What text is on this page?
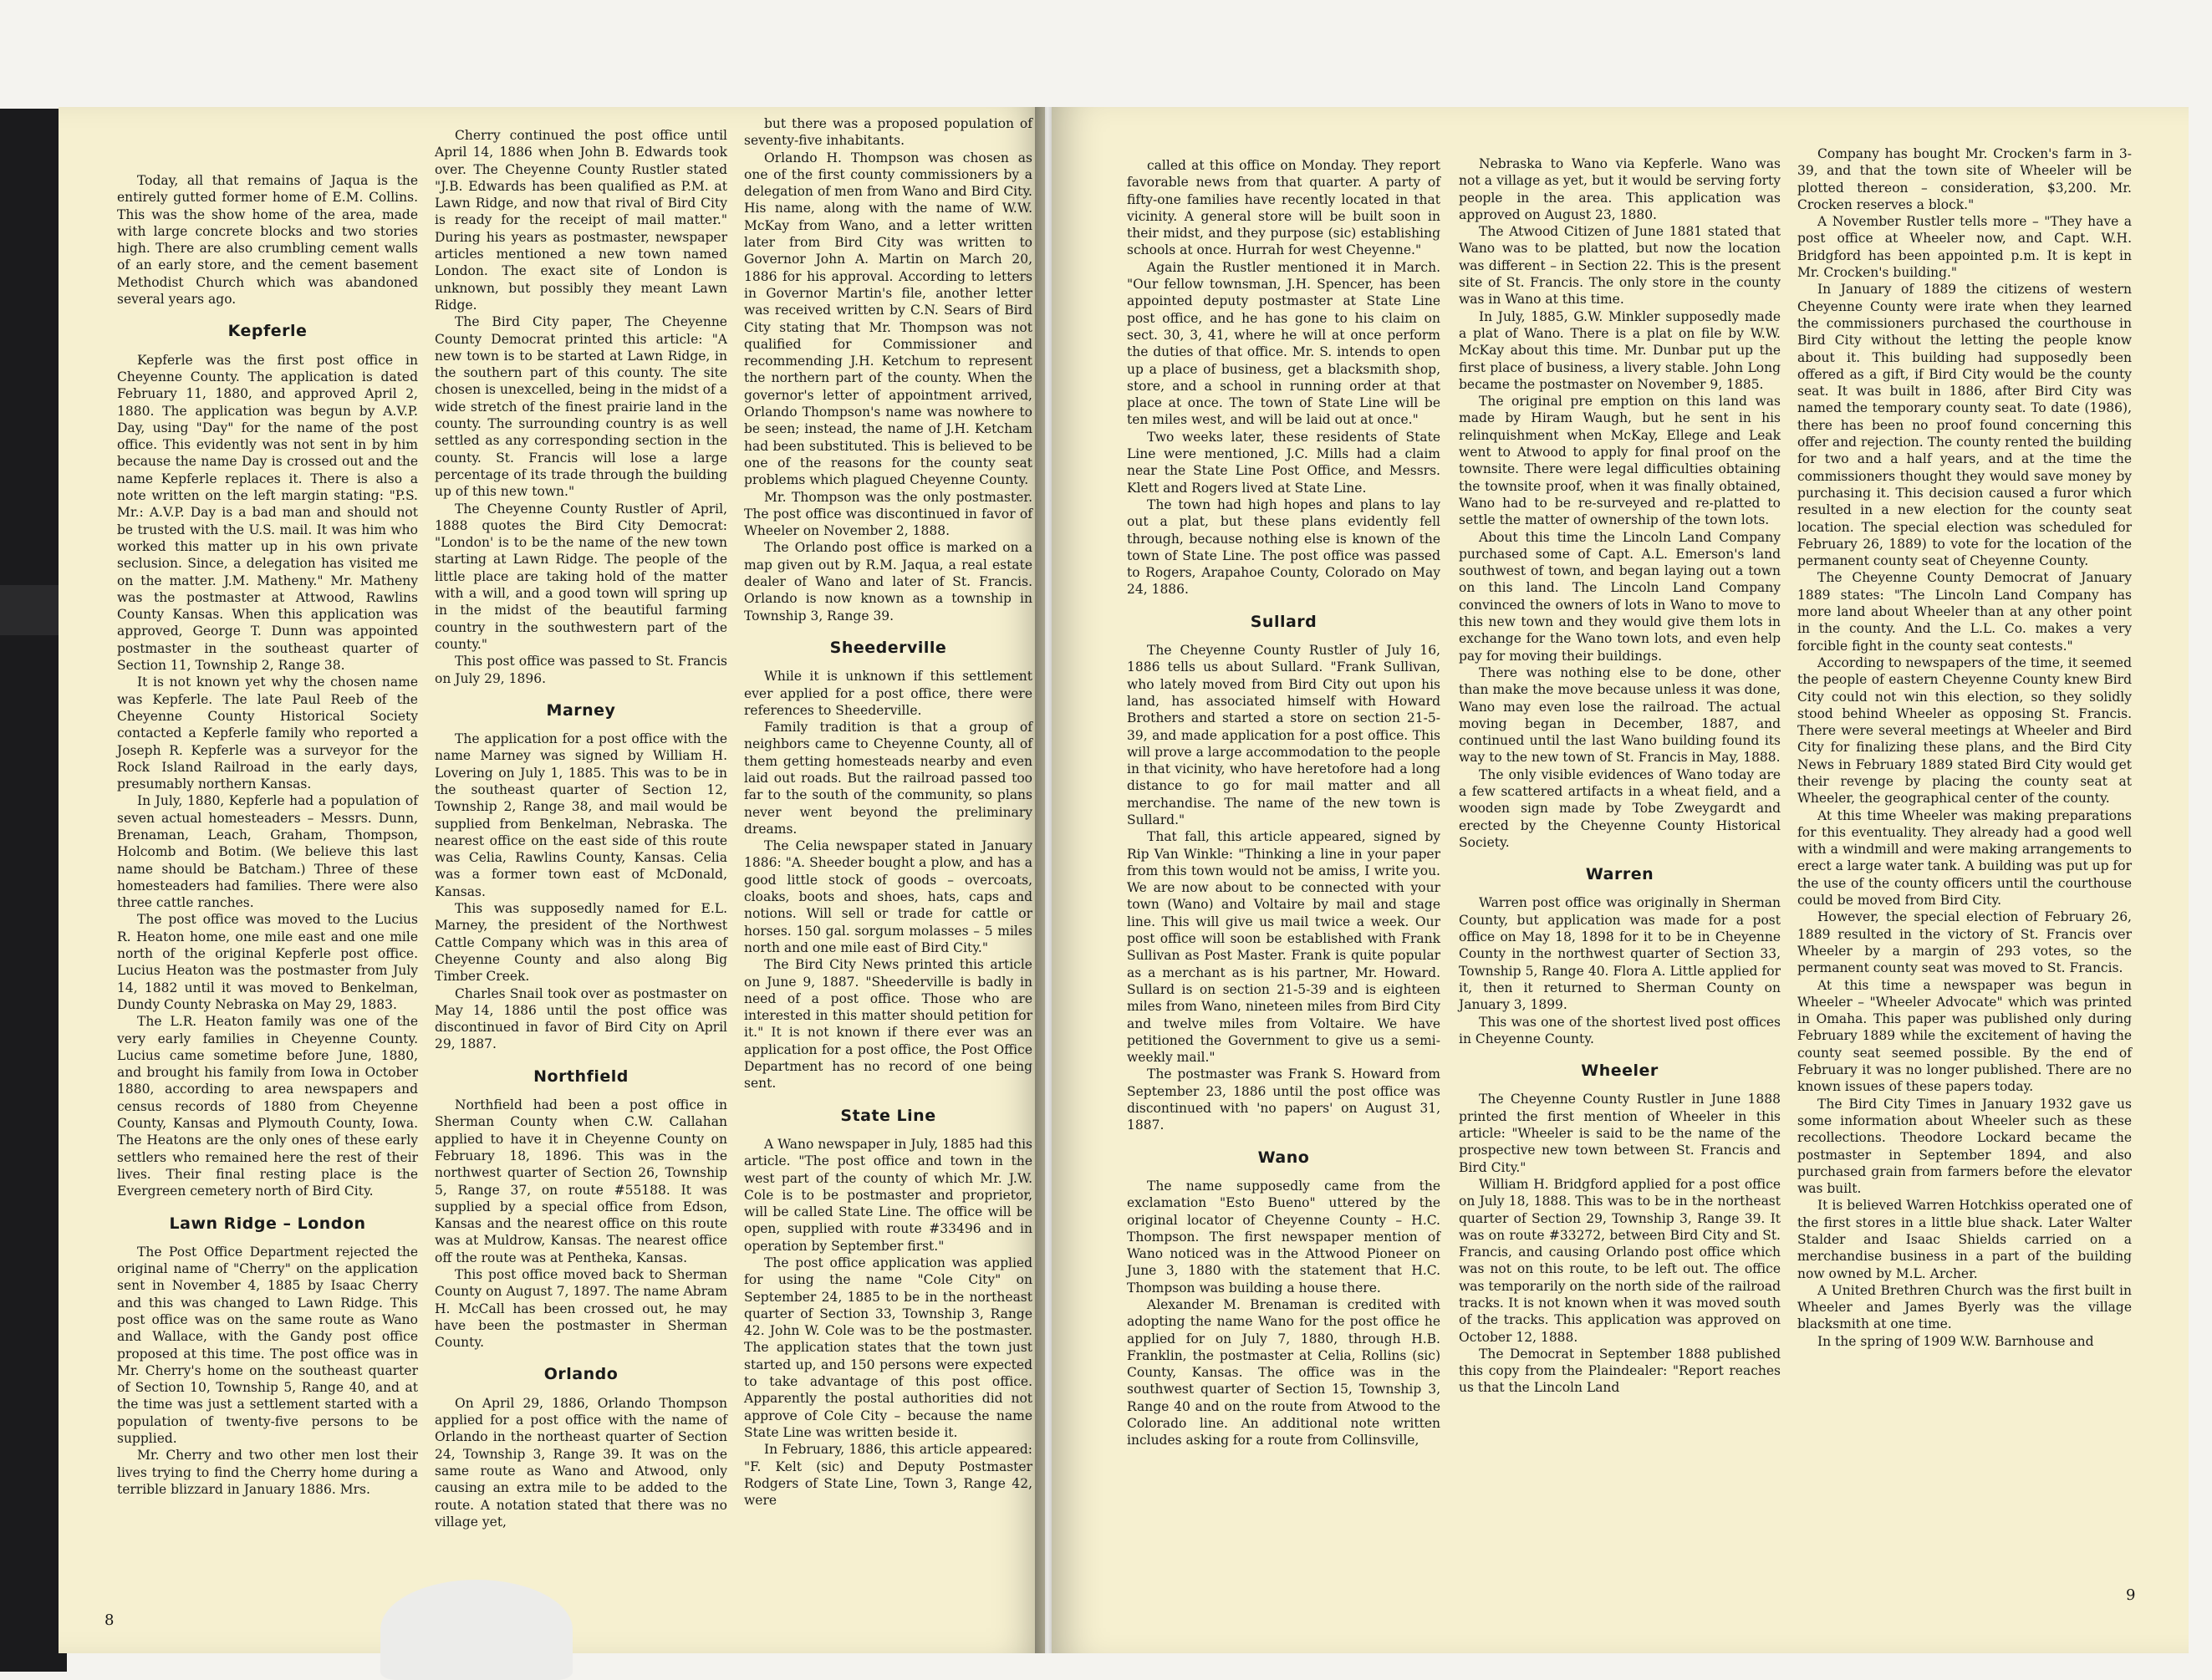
Today, all that remains of Jaqua is the entirely gutted former home of E.M. Collins. This was the show home of the area, made with large concrete blocks and two stories high. There are also crumbling cement walls of an early store, and the cement basement Methodist Church which was abandoned several years ago.

Kepferle

Kepferle was the first post office in Cheyenne County. The application is dated February 11, 1880, and approved April 2, 1880. The application was begun by A.V.P. Day, using "Day" for the name of the post office. This evidently was not sent in by him because the name Day is crossed out and the name Kepferle replaces it. There is also a note written on the left margin stating: "P.S. Mr.: A.V.P. Day is a bad man and should not be trusted with the U.S. mail. It was him who worked this matter up in his own private seclusion. Since, a delegation has visited me on the matter. J.M. Matheny." Mr. Matheny was the postmaster at Attwood, Rawlins County Kansas. When this application was approved, George T. Dunn was appointed postmaster in the southeast quarter of Section 11, Township 2, Range 38.

It is not known yet why the chosen name was Kepferle. The late Paul Reeb of the Cheyenne County Historical Society contacted a Kepferle family who reported a Joseph R. Kepferle was a surveyor for the Rock Island Railroad in the early days, presumably northern Kansas.

In July, 1880, Kepferle had a population of seven actual homesteaders – Messrs. Dunn, Brenaman, Leach, Graham, Thompson, Holcomb and Botim. (We believe this last name should be Batcham.) Three of these homesteaders had families. There were also three cattle ranches.

The post office was moved to the Lucius R. Heaton home, one mile east and one mile north of the original Kepferle post office. Lucius Heaton was the postmaster from July 14, 1882 until it was moved to Benkelman, Dundy County Nebraska on May 29, 1883.

The L.R. Heaton family was one of the very early families in Cheyenne County. Lucius came sometime before June, 1880, and brought his family from Iowa in October 1880, according to area newspapers and census records of 1880 from Cheyenne County, Kansas and Plymouth County, Iowa. The Heatons are the only ones of these early settlers who remained here the rest of their lives. Their final resting place is the Evergreen cemetery north of Bird City.

Lawn Ridge – London

The Post Office Department rejected the original name of "Cherry" on the application sent in November 4, 1885 by Isaac Cherry and this was changed to Lawn Ridge. This post office was on the same route as Wano and Wallace, with the Gandy post office proposed at this time. The post office was in Mr. Cherry's home on the southeast quarter of Section 10, Township 5, Range 40, and at the time was just a settlement started with a population of twenty-five persons to be supplied.

Mr. Cherry and two other men lost their lives trying to find the Cherry home during a terrible blizzard in January 1886. Mrs.

Cherry continued the post office until April 14, 1886 when John B. Edwards took over. The Cheyenne County Rustler stated "J.B. Edwards has been qualified as P.M. at Lawn Ridge, and now that rival of Bird City is ready for the receipt of mail matter." During his years as postmaster, newspaper articles mentioned a new town named London. The exact site of London is unknown, but possibly they meant Lawn Ridge.

The Bird City paper, The Cheyenne County Democrat printed this article: "A new town is to be started at Lawn Ridge, in the southern part of this county. The site chosen is unexcelled, being in the midst of a wide stretch of the finest prairie land in the county. The surrounding country is as well settled as any corresponding section in the county. St. Francis will lose a large percentage of its trade through the building up of this new town."

The Cheyenne County Rustler of April, 1888 quotes the Bird City Democrat: "London' is to be the name of the new town starting at Lawn Ridge. The people of the little place are taking hold of the matter with a will, and a good town will spring up in the midst of the beautiful farming country in the southwestern part of the county."

This post office was passed to St. Francis on July 29, 1896.

Marney

The application for a post office with the name Marney was signed by William H. Lovering on July 1, 1885. This was to be in the southeast quarter of Section 12, Township 2, Range 38, and mail would be supplied from Benkelman, Nebraska. The nearest office on the east side of this route was Celia, Rawlins County, Kansas. Celia was a former town east of McDonald, Kansas.

This was supposedly named for E.L. Marney, the president of the Northwest Cattle Company which was in this area of Cheyenne County and also along Big Timber Creek.

Charles Snail took over as postmaster on May 14, 1886 until the post office was discontinued in favor of Bird City on April 29, 1887.

Northfield

Northfield had been a post office in Sherman County when C.W. Callahan applied to have it in Cheyenne County on February 18, 1896. This was in the northwest quarter of Section 26, Township 5, Range 37, on route #55188. It was supplied by a special office from Edson, Kansas and the nearest office on this route was at Muldrow, Kansas. The nearest office off the route was at Pentheka, Kansas.

This post office moved back to Sherman County on August 7, 1897. The name Abram H. McCall has been crossed out, he may have been the postmaster in Sherman County.

Orlando

On April 29, 1886, Orlando Thompson applied for a post office with the name of Orlando in the northeast quarter of Section 24, Township 3, Range 39. It was on the same route as Wano and Atwood, only causing an extra mile to be added to the route. A notation stated that there was no village yet,

but there was a proposed population of seventy-five inhabitants.

Orlando H. Thompson was chosen as one of the first county commissioners by a delegation of men from Wano and Bird City. His name, along with the name of W.W. McKay from Wano, and a letter written later from Bird City was written to Governor John A. Martin on March 20, 1886 for his approval. According to letters in Governor Martin's file, another letter was received written by C.N. Sears of Bird City stating that Mr. Thompson was not qualified for Commissioner and recommending J.H. Ketchum to represent the northern part of the county. When the governor's letter of appointment arrived, Orlando Thompson's name was nowhere to be seen; instead, the name of J.H. Ketcham had been substituted. This is believed to be one of the reasons for the county seat problems which plagued Cheyenne County.

Mr. Thompson was the only postmaster. The post office was discontinued in favor of Wheeler on November 2, 1888.

The Orlando post office is marked on a map given out by R.M. Jaqua, a real estate dealer of Wano and later of St. Francis. Orlando is now known as a township in Township 3, Range 39.

Sheederville

While it is unknown if this settlement ever applied for a post office, there were references to Sheederville.

Family tradition is that a group of neighbors came to Cheyenne County, all of them getting homesteads nearby and even laid out roads. But the railroad passed too far to the south of the community, so plans never went beyond the preliminary dreams.

The Celia newspaper stated in January 1886: "A. Sheeder bought a plow, and has a good little stock of goods – overcoats, cloaks, boots and shoes, hats, caps and notions. Will sell or trade for cattle or horses. 150 gal. sorgum molasses – 5 miles north and one mile east of Bird City."

The Bird City News printed this article on June 9, 1887. "Sheederville is badly in need of a post office. Those who are interested in this matter should petition for it." It is not known if there ever was an application for a post office, the Post Office Department has no record of one being sent.

State Line

A Wano newspaper in July, 1885 had this article. "The post office and town in the west part of the county of which Mr. J.W. Cole is to be postmaster and proprietor, will be called State Line. The office will be open, supplied with route #33496 and in operation by September first."

The post office application was applied for using the name "Cole City" on September 24, 1885 to be in the northeast quarter of Section 33, Township 3, Range 42. John W. Cole was to be the postmaster. The application states that the town just started up, and 150 persons were expected to take advantage of this post office. Apparently the postal authorities did not approve of Cole City – because the name State Line was written beside it.

In February, 1886, this article appeared: "F. Kelt (sic) and Deputy Postmaster Rodgers of State Line, Town 3, Range 42, were

8

called at this office on Monday. They report favorable news from that quarter. A party of fifty-one families have recently located in that vicinity. A general store will be built soon in their midst, and they purpose (sic) establishing schools at once. Hurrah for west Cheyenne."

Again the Rustler mentioned it in March. "Our fellow townsman, J.H. Spencer, has been appointed deputy postmaster at State Line post office, and he has gone to his claim on sect. 30, 3, 41, where he will at once perform the duties of that office. Mr. S. intends to open up a place of business, get a blacksmith shop, store, and a school in running order at that place at once. The town of State Line will be ten miles west, and will be laid out at once."

Two weeks later, these residents of State Line were mentioned, J.C. Mills had a claim near the State Line Post Office, and Messrs. Klett and Rogers lived at State Line.

The town had high hopes and plans to lay out a plat, but these plans evidently fell through, because nothing else is known of the town of State Line. The post office was passed to Rogers, Arapahoe County, Colorado on May 24, 1886.

Sullard

The Cheyenne County Rustler of July 16, 1886 tells us about Sullard. "Frank Sullivan, who lately moved from Bird City out upon his land, has associated himself with Howard Brothers and started a store on section 21-5-39, and made application for a post office. This will prove a large accommodation to the people in that vicinity, who have heretofore had a long distance to go for mail matter and all merchandise. The name of the new town is Sullard."

That fall, this article appeared, signed by Rip Van Winkle: "Thinking a line in your paper from this town would not be amiss, I write you. We are now about to be connected with your town (Wano) and Voltaire by mail and stage line. This will give us mail twice a week. Our post office will soon be established with Frank Sullivan as Post Master. Frank is quite popular as a merchant as is his partner, Mr. Howard. Sullard is on section 21-5-39 and is eighteen miles from Wano, nineteen miles from Bird City and twelve miles from Voltaire. We have petitioned the Government to give us a semi-weekly mail."

The postmaster was Frank S. Howard from September 23, 1886 until the post office was discontinued with 'no papers' on August 31, 1887.

Wano

The name supposedly came from the exclamation "Esto Bueno" uttered by the original locator of Cheyenne County – H.C. Thompson. The first newspaper mention of Wano noticed was in the Attwood Pioneer on June 3, 1880 with the statement that H.C. Thompson was building a house there.

Alexander M. Brenaman is credited with adopting the name Wano for the post office he applied for on July 7, 1880, through H.B. Franklin, the postmaster at Celia, Rollins (sic) County, Kansas. The office was in the southwest quarter of Section 15, Township 3, Range 40 and on the route from Atwood to the Colorado line. An additional note written includes asking for a route from Collinsville,

Nebraska to Wano via Kepferle. Wano was not a village as yet, but it would be serving forty people in the area. This application was approved on August 23, 1880.

The Atwood Citizen of June 1881 stated that Wano was to be platted, but now the location was different – in Section 22. This is the present site of St. Francis. The only store in the county was in Wano at this time.

In July, 1885, G.W. Minkler supposedly made a plat of Wano. There is a plat on file by W.W. McKay about this time. Mr. Dunbar put up the first place of business, a livery stable. John Long became the postmaster on November 9, 1885.

The original pre emption on this land was made by Hiram Waugh, but he sent in his relinquishment when McKay, Ellege and Leak went to Atwood to apply for final proof on the townsite. There were legal difficulties obtaining the townsite proof, when it was finally obtained, Wano had to be re-surveyed and re-platted to settle the matter of ownership of the town lots.

About this time the Lincoln Land Company purchased some of Capt. A.L. Emerson's land southwest of town, and began laying out a town on this land. The Lincoln Land Company convinced the owners of lots in Wano to move to this new town and they would give them lots in exchange for the Wano town lots, and even help pay for moving their buildings.

There was nothing else to be done, other than make the move because unless it was done, Wano may even lose the railroad. The actual moving began in December, 1887, and continued until the last Wano building found its way to the new town of St. Francis in May, 1888.

The only visible evidences of Wano today are a few scattered artifacts in a wheat field, and a wooden sign made by Tobe Zweygardt and erected by the Cheyenne County Historical Society.

Warren

Warren post office was originally in Sherman County, but application was made for a post office on May 18, 1898 for it to be in Cheyenne County in the northwest quarter of Section 33, Township 5, Range 40. Flora A. Little applied for it, then it returned to Sherman County on January 3, 1899.

This was one of the shortest lived post offices in Cheyenne County.

Wheeler

The Cheyenne County Rustler in June 1888 printed the first mention of Wheeler in this article: "Wheeler is said to be the name of the prospective new town between St. Francis and Bird City."

William H. Bridgford applied for a post office on July 18, 1888. This was to be in the northeast quarter of Section 29, Township 3, Range 39. It was on route #33272, between Bird City and St. Francis, and causing Orlando post office which was not on this route, to be left out. The office was temporarily on the north side of the railroad tracks. It is not known when it was moved south of the tracks. This application was approved on October 12, 1888.

The Democrat in September 1888 published this copy from the Plaindealer: "Report reaches us that the Lincoln Land

Company has bought Mr. Crocken's farm in 3-39, and that the town site of Wheeler will be plotted thereon – consideration, $3,200. Mr. Crocken reserves a block."

A November Rustler tells more – "They have a post office at Wheeler now, and Capt. W.H. Bridgford has been appointed p.m. It is kept in Mr. Crocken's building."

In January of 1889 the citizens of western Cheyenne County were irate when they learned the commissioners purchased the courthouse in Bird City without the letting the people know about it. This building had supposedly been offered as a gift, if Bird City would be the county seat. It was built in 1886, after Bird City was named the temporary county seat. To date (1986), there has been no proof found concerning this offer and rejection. The county rented the building for two and a half years, and at the time the commissioners thought they would save money by purchasing it. This decision caused a furor which resulted in a new election for the county seat location. The special election was scheduled for February 26, 1889) to vote for the location of the permanent county seat of Cheyenne County.

The Cheyenne County Democrat of January 1889 states: "The Lincoln Land Company has more land about Wheeler than at any other point in the county. And the L.L. Co. makes a very forcible fight in the county seat contests."

According to newspapers of the time, it seemed the people of eastern Cheyenne County knew Bird City could not win this election, so they solidly stood behind Wheeler as opposing St. Francis. There were several meetings at Wheeler and Bird City for finalizing these plans, and the Bird City News in February 1889 stated Bird City would get their revenge by placing the county seat at Wheeler, the geographical center of the county.

At this time Wheeler was making preparations for this eventuality. They already had a good well with a windmill and were making arrangements to erect a large water tank. A building was put up for the use of the county officers until the courthouse could be moved from Bird City.

However, the special election of February 26, 1889 resulted in the victory of St. Francis over Wheeler by a margin of 293 votes, so the permanent county seat was moved to St. Francis.

At this time a newspaper was begun in Wheeler – "Wheeler Advocate" which was printed in Omaha. This paper was published only during February 1889 while the excitement of having the county seat seemed possible. By the end of February it was no longer published. There are no known issues of these papers today.

The Bird City Times in January 1932 gave us some information about Wheeler such as these recollections. Theodore Lockard became the postmaster in September 1894, and also purchased grain from farmers before the elevator was built.

It is believed Warren Hotchkiss operated one of the first stores in a little blue shack. Later Walter Stalder and Isaac Shields carried on a merchandise business in a part of the building now owned by M.L. Archer.

A United Brethren Church was the first built in Wheeler and James Byerly was the village blacksmith at one time.

In the spring of 1909 W.W. Barnhouse and

9
